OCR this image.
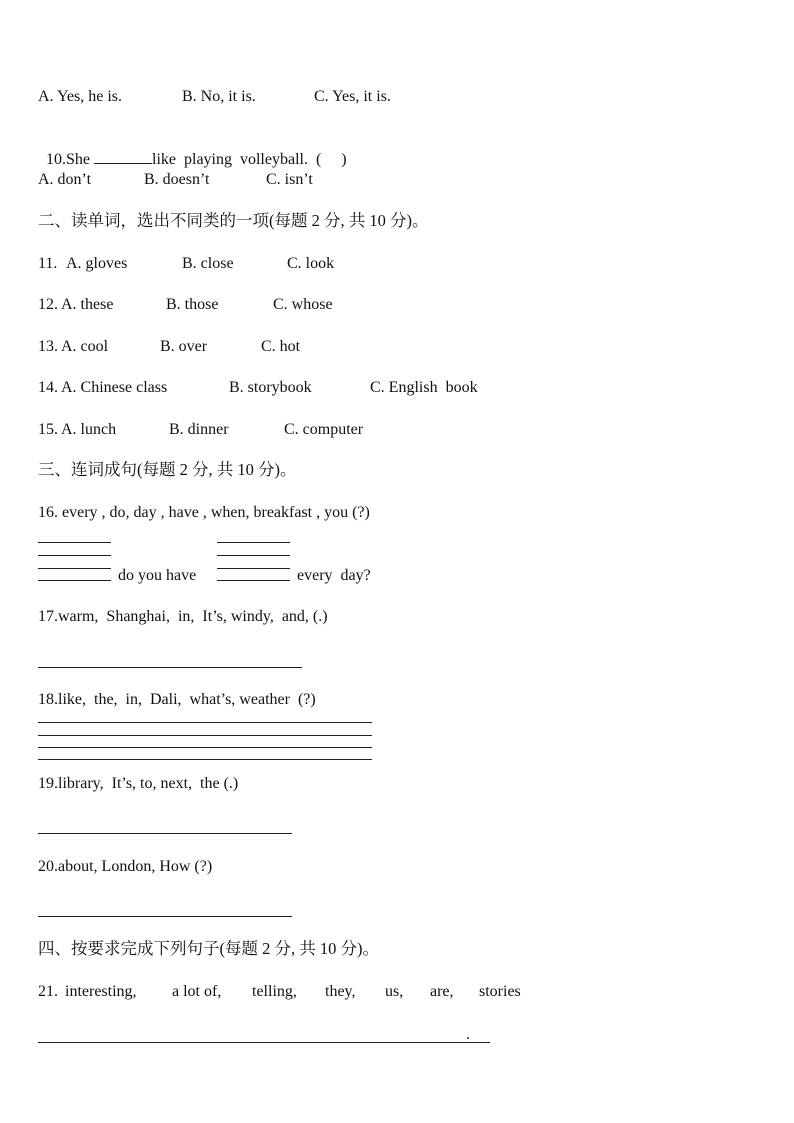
A. Yes, he is.	B. No, it is.	C. Yes, it is.

10.She	like  playing  volleyball.  (     )

A. don’t	B. doesn’t	C. isn’t
二、读单词，选出不同类的一项(每题 2 分, 共 10 分)。
11. A. gloves	B. close	C. look
12. A. these	B. those	C. whose
13. A. cool	B. over	C. hot
14. A. Chinese class	B. storybook	C. English  book
15. A. lunch	B. dinner	C. computer
三、连词成句(每题 2 分, 共 10 分)。
16. every , do, day , have , when, breakfast , you (?)
do you have	every  day?
17.warm,  Shanghai,  in,  It’s, windy,  and, (.)
18.like,  the,  in,  Dali,  what’s, weather  (?)
19.library,  It’s, to, next,  the (.)
20.about, London, How (?)
四、按要求完成下列句子(每题 2 分, 共 10 分)。
21. interesting, a lot of, telling, they, us, are, stories
.
